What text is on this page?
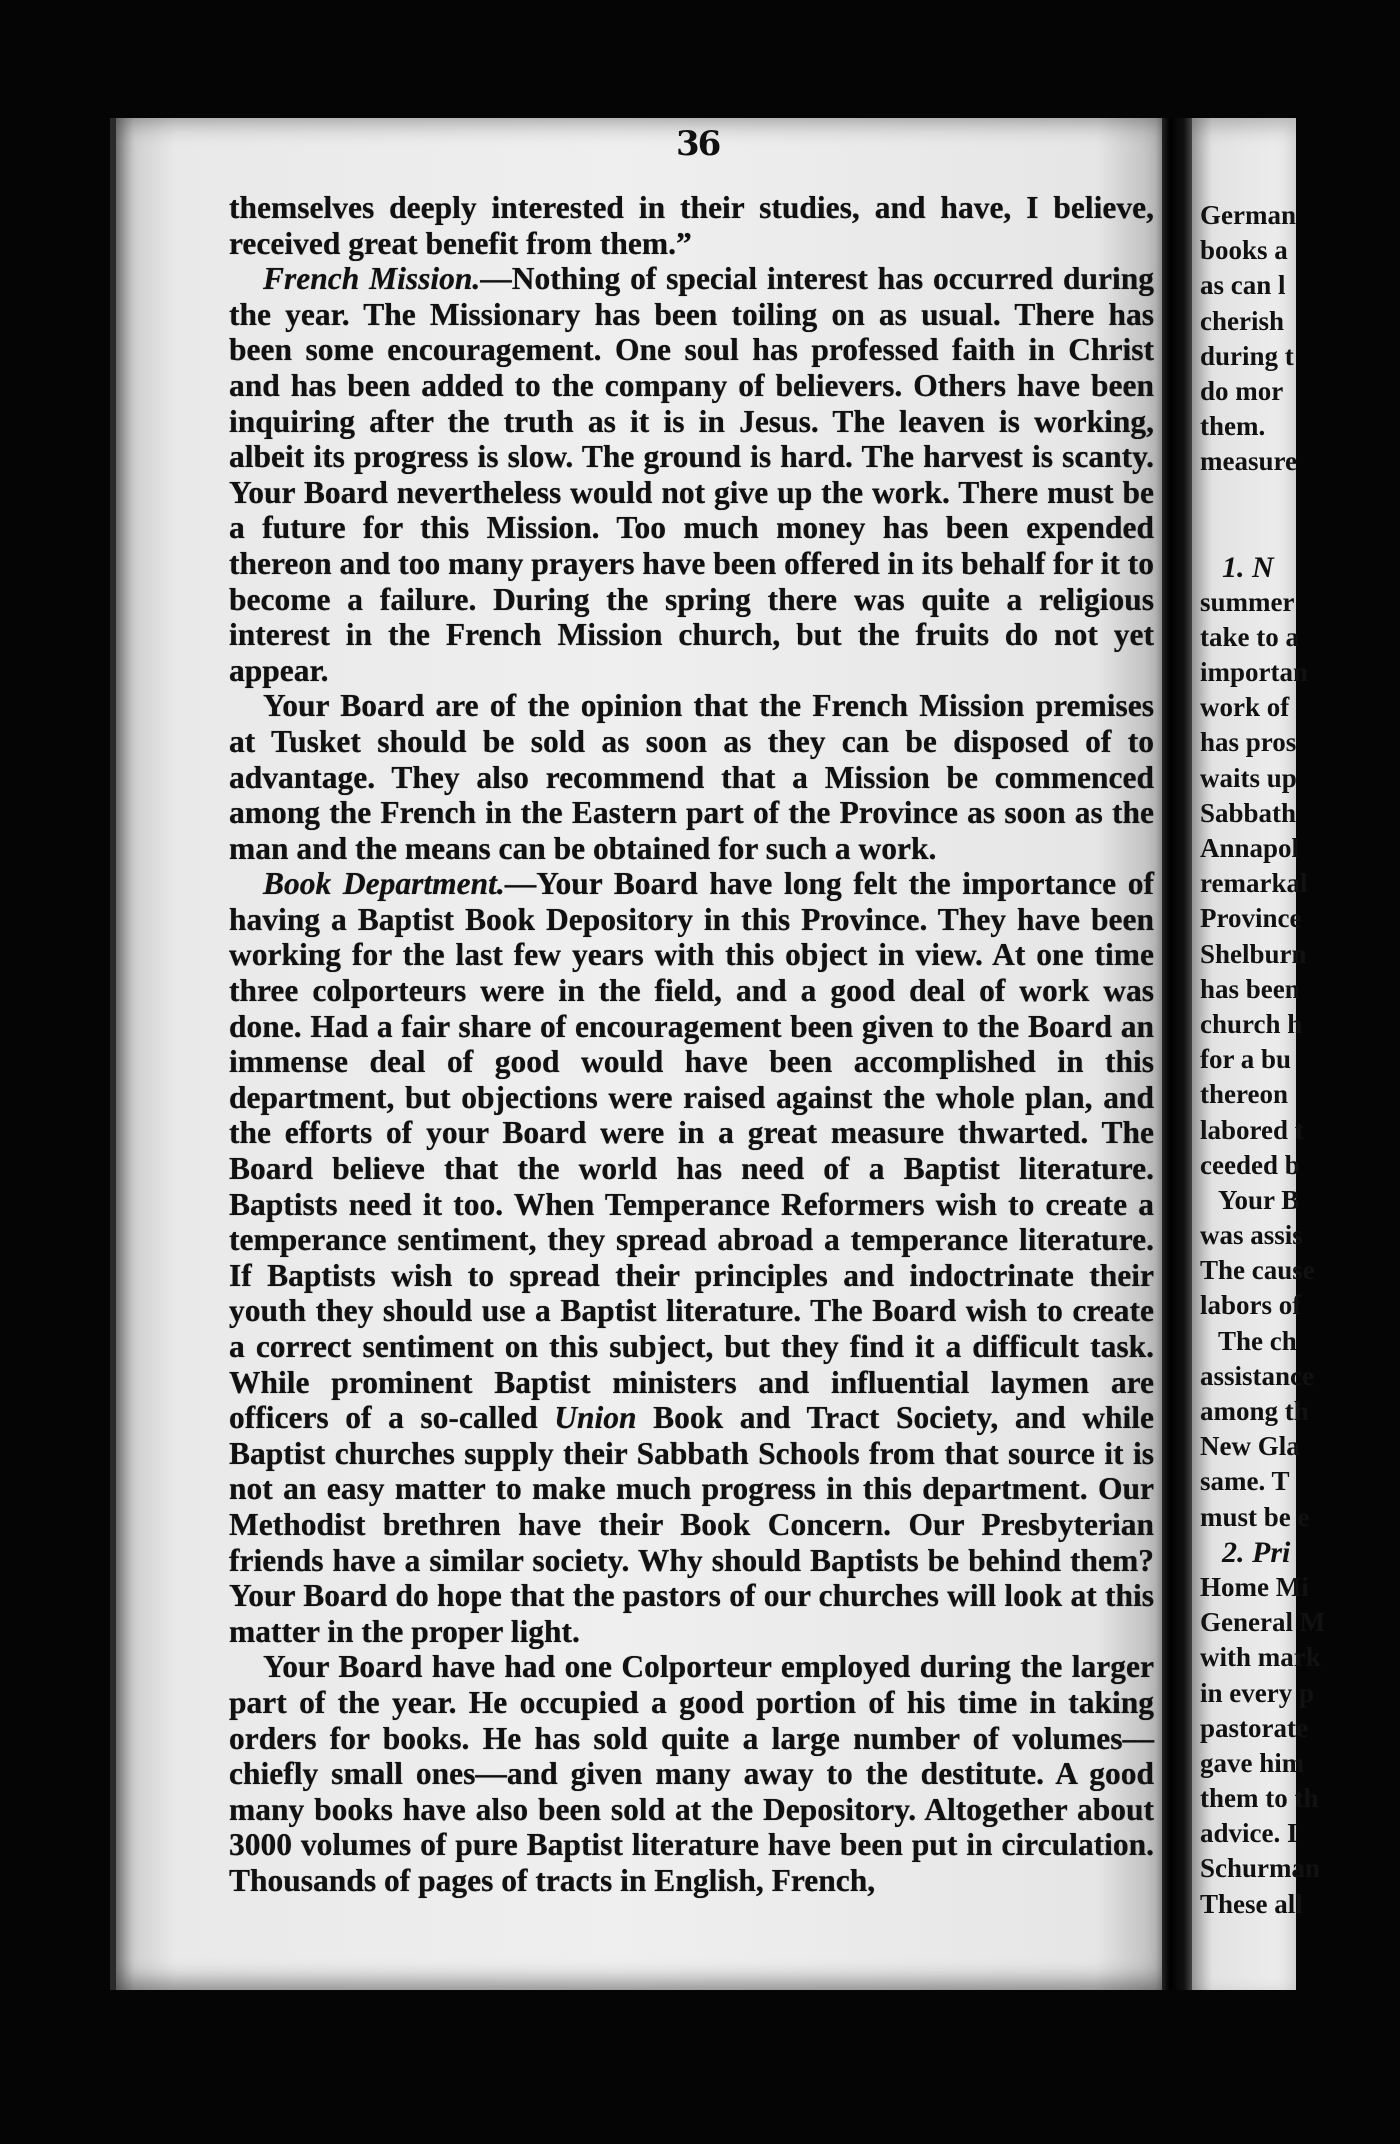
36

themselves deeply interested in their studies, and have, I believe, received great benefit from them.”

French Mission.—Nothing of special interest has occurred during the year. The Missionary has been toiling on as usual. There has been some encouragement. One soul has professed faith in Christ and has been added to the company of believers. Others have been inquiring after the truth as it is in Jesus. The leaven is working, albeit its progress is slow. The ground is hard. The harvest is scanty. Your Board nevertheless would not give up the work. There must be a future for this Mission. Too much money has been expended thereon and too many prayers have been offered in its behalf for it to become a failure. During the spring there was quite a religious interest in the French Mission church, but the fruits do not yet appear.

Your Board are of the opinion that the French Mission premises at Tusket should be sold as soon as they can be disposed of to advantage. They also recommend that a Mission be commenced among the French in the Eastern part of the Province as soon as the man and the means can be obtained for such a work.

Book Department.—Your Board have long felt the importance of having a Baptist Book Depository in this Province. They have been working for the last few years with this object in view. At one time three colporteurs were in the field, and a good deal of work was done. Had a fair share of encouragement been given to the Board an immense deal of good would have been accomplished in this department, but objections were raised against the whole plan, and the efforts of your Board were in a great measure thwarted. The Board believe that the world has need of a Baptist literature. Baptists need it too. When Temperance Reformers wish to create a temperance sentiment, they spread abroad a temperance literature. If Baptists wish to spread their principles and indoctrinate their youth they should use a Baptist literature. The Board wish to create a correct sentiment on this subject, but they find it a difficult task. While prominent Baptist ministers and influential laymen are officers of a so-called Union Book and Tract Society, and while Baptist churches supply their Sabbath Schools from that source it is not an easy matter to make much progress in this department. Our Methodist brethren have their Book Concern. Our Presbyterian friends have a similar society. Why should Baptists be behind them? Your Board do hope that the pastors of our churches will look at this matter in the proper light.

Your Board have had one Colporteur employed during the larger part of the year. He occupied a good portion of his time in taking orders for books. He has sold quite a large number of volumes—chiefly small ones—and given many away to the destitute. A good many books have also been sold at the Depository. Altogether about 3000 volumes of pure Baptist literature have been put in circulation. Thousands of pages of tracts in English, French,

German
books a
as can l
cherish
during t
do mor
them.
measure
1. N
summer
take to a
importan
work of
has pros
waits up
Sabbath
Annapol
remarkal
Province
Shelburn
has been
church h
for a bu
thereon
labored t
ceeded b
Your B
was assis
The cause
labors of
The ch
assistance
among th
New Gla
same. T
must be e
2. Pri
Home Mi
General M
with mark
in every p
pastorate
gave him
them to th
advice. I
Schurman
These all
